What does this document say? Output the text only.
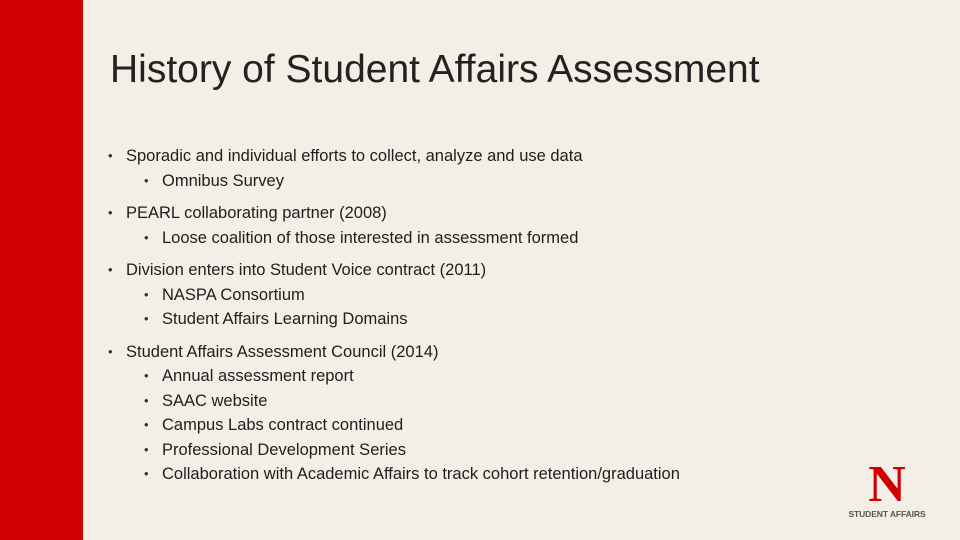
History of Student Affairs Assessment
• Sporadic and individual efforts to collect, analyze and use data
• Omnibus Survey
• PEARL collaborating partner (2008)
• Loose coalition of those interested in assessment formed
• Division enters into Student Voice contract (2011)
• NASPA Consortium
• Student Affairs Learning Domains
• Student Affairs Assessment Council (2014)
• Annual assessment report
• SAAC website
• Campus Labs contract continued
• Professional Development Series
• Collaboration with Academic Affairs to track cohort retention/graduation	N
STUDENT AFFAIRS
